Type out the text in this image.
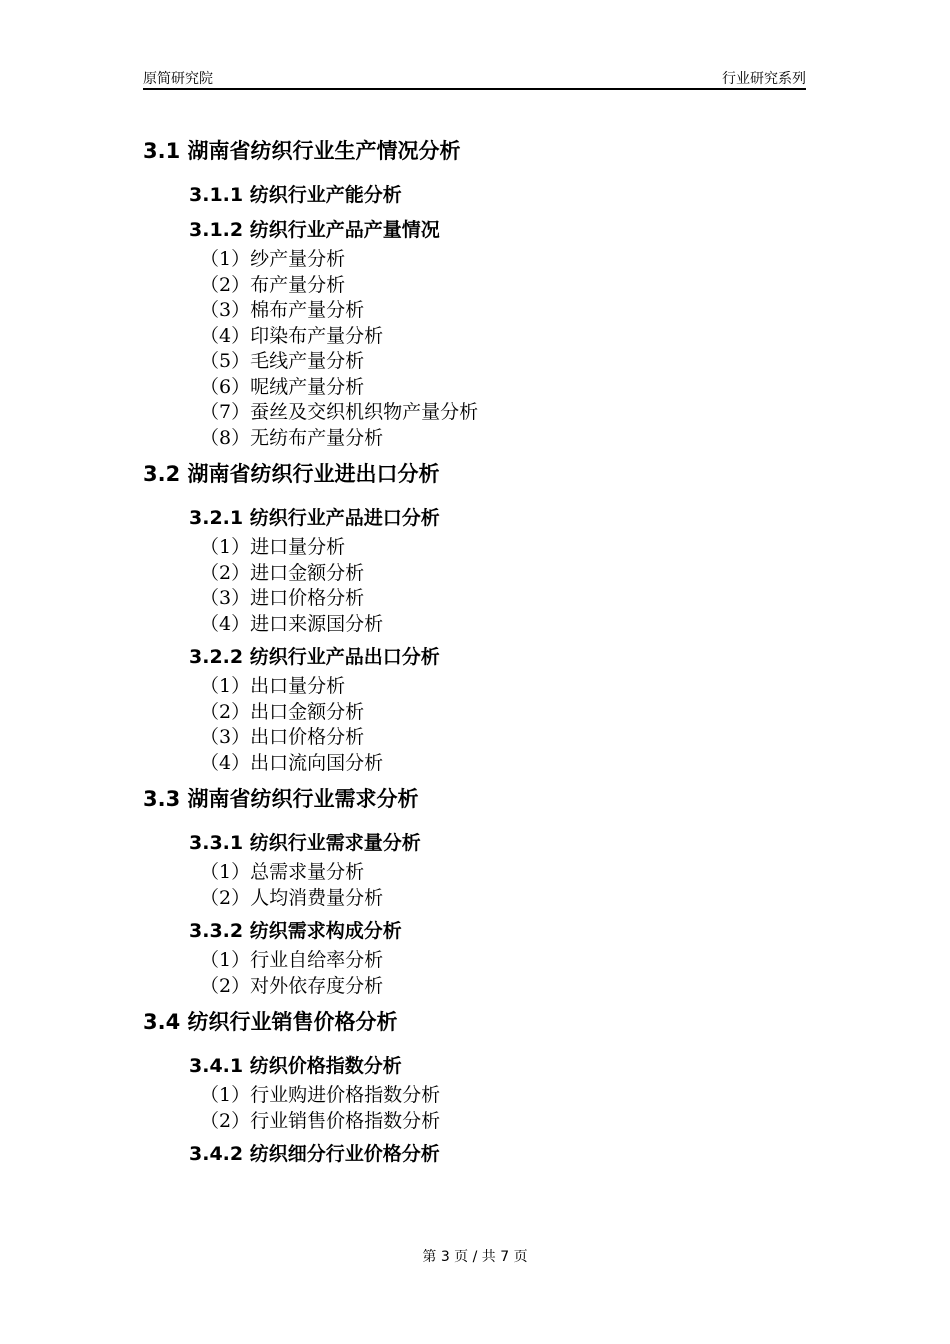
原简研究院	行业研究系列
3.1 湖南省纺织行业生产情况分析
3.1.1 纺织行业产能分析
3.1.2 纺织行业产品产量情况
（1）纱产量分析
（2）布产量分析
（3）棉布产量分析
（4）印染布产量分析
（5）毛线产量分析
（6）呢绒产量分析
（7）蚕丝及交织机织物产量分析
（8）无纺布产量分析
3.2 湖南省纺织行业进出口分析
3.2.1 纺织行业产品进口分析
（1）进口量分析
（2）进口金额分析
（3）进口价格分析
（4）进口来源国分析
3.2.2 纺织行业产品出口分析
（1）出口量分析
（2）出口金额分析
（3）出口价格分析
（4）出口流向国分析
3.3 湖南省纺织行业需求分析
3.3.1 纺织行业需求量分析
（1）总需求量分析
（2）人均消费量分析
3.3.2 纺织需求构成分析
（1）行业自给率分析
（2）对外依存度分析
3.4 纺织行业销售价格分析
3.4.1 纺织价格指数分析
（1）行业购进价格指数分析
（2）行业销售价格指数分析
3.4.2 纺织细分行业价格分析
第 3 页 / 共 7 页
